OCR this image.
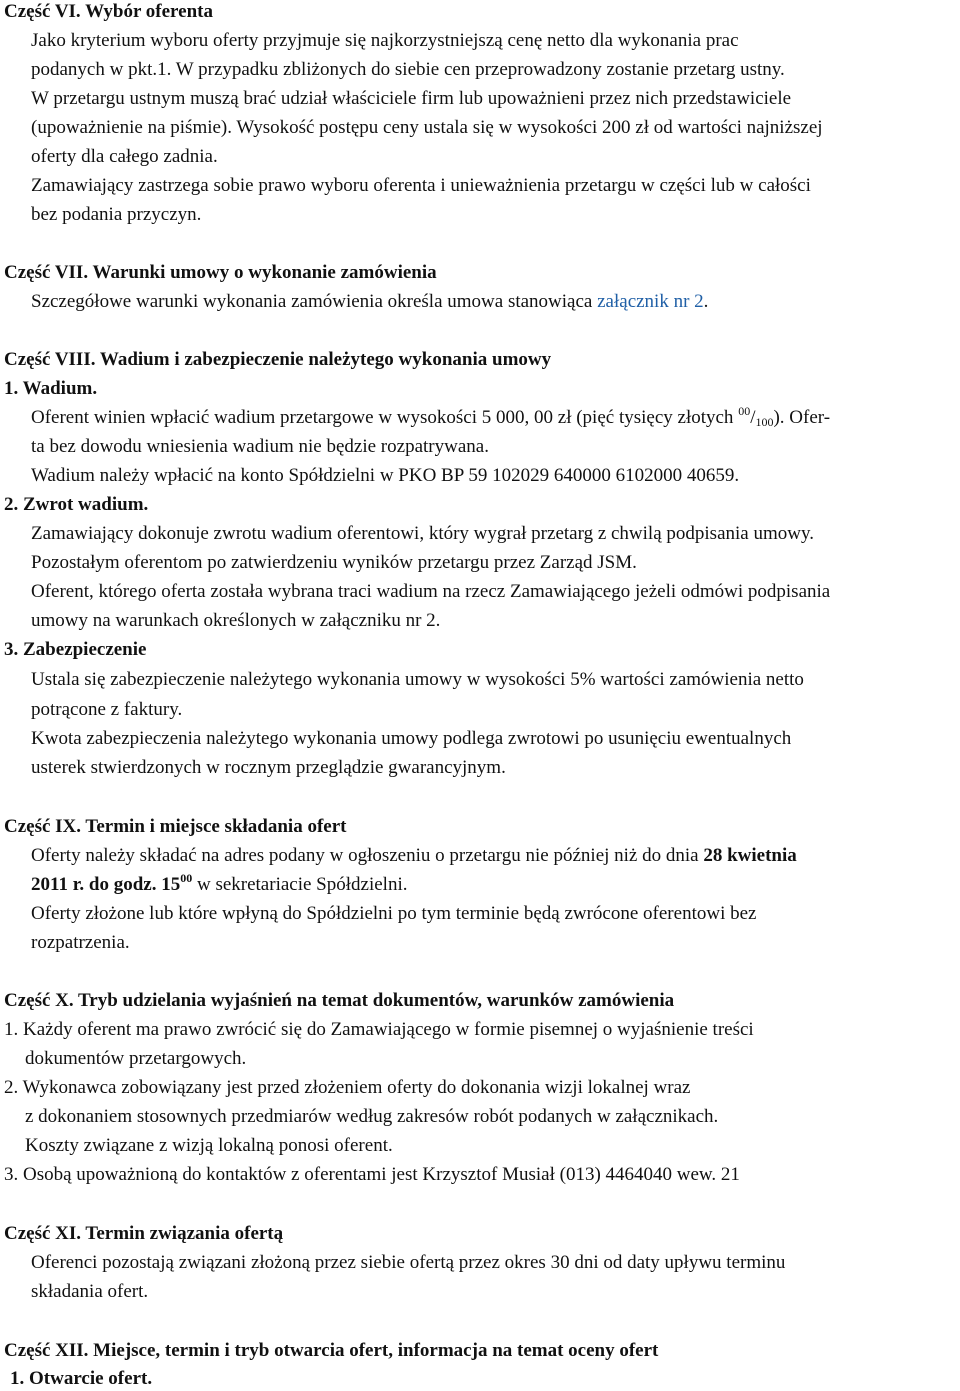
Część VI. Wybór oferenta
Jako kryterium wyboru oferty przyjmuje się najkorzystniejszą cenę netto dla wykonania prac
podanych w pkt.1. W przypadku zbliżonych do siebie cen przeprowadzony zostanie przetarg ustny.
W przetargu ustnym muszą brać udział właściciele firm lub upoważnieni przez nich przedstawiciele
(upoważnienie na piśmie). Wysokość postępu ceny ustala się w wysokości 200 zł od wartości najniższej
oferty dla całego zadnia.
Zamawiający zastrzega sobie prawo wyboru oferenta i unieważnienia przetargu w części lub w całości
bez podania przyczyn.
Część VII. Warunki umowy o wykonanie zamówienia
Szczegółowe warunki wykonania zamówienia określa umowa stanowiąca załącznik nr 2.
Część VIII. Wadium i zabezpieczenie należytego wykonania umowy
1. Wadium.
Oferent winien wpłacić wadium przetargowe w wysokości 5 000, 00 zł (pięć tysięcy złotych $^{00}/_{100}$). Ofer-
ta bez dowodu wniesienia wadium nie będzie rozpatrywana.
Wadium należy wpłacić na konto Spółdzielni w PKO BP 59 102029 640000 6102000 40659.
2. Zwrot wadium.
Zamawiający dokonuje zwrotu wadium oferentowi, który wygrał przetarg z chwilą podpisania umowy.
Pozostałym oferentom po zatwierdzeniu wyników przetargu przez Zarząd JSM.
Oferent, którego oferta została wybrana traci wadium na rzecz Zamawiającego jeżeli odmówi podpisania
umowy na warunkach określonych w załączniku nr 2.
3. Zabezpieczenie
Ustala się zabezpieczenie należytego wykonania umowy w wysokości 5% wartości zamówienia netto
potrącone z faktury.
Kwota zabezpieczenia należytego wykonania umowy podlega zwrotowi po usunięciu ewentualnych
usterek stwierdzonych w rocznym przeglądzie gwarancyjnym.
Część IX. Termin i miejsce składania ofert
Oferty należy składać na adres podany w ogłoszeniu o przetargu nie później niż do dnia 28 kwietnia
2011 r. do godz. $15^{00}$ w sekretariacie Spółdzielni.
Oferty złożone lub które wpłyną do Spółdzielni po tym terminie będą zwrócone oferentowi bez
rozpatrzenia.
Część X. Tryb udzielania wyjaśnień na temat dokumentów, warunków zamówienia
1. Każdy oferent ma prawo zwrócić się do Zamawiającego w formie pisemnej o wyjaśnienie treści
dokumentów przetargowych.
2. Wykonawca zobowiązany jest przed złożeniem oferty do dokonania wizji lokalnej wraz
z dokonaniem stosownych przedmiarów według zakresów robót podanych w załącznikach.
Koszty związane z wizją lokalną ponosi oferent.
3. Osobą upoważnioną do kontaktów z oferentami jest Krzysztof Musiał (013) 4464040 wew. 21
Część XI. Termin związania ofertą
Oferenci pozostają związani złożoną przez siebie ofertą przez okres 30 dni od daty upływu terminu
składania ofert.
Część XII. Miejsce, termin i tryb otwarcia ofert, informacja na temat oceny ofert
1. Otwarcie ofert.
